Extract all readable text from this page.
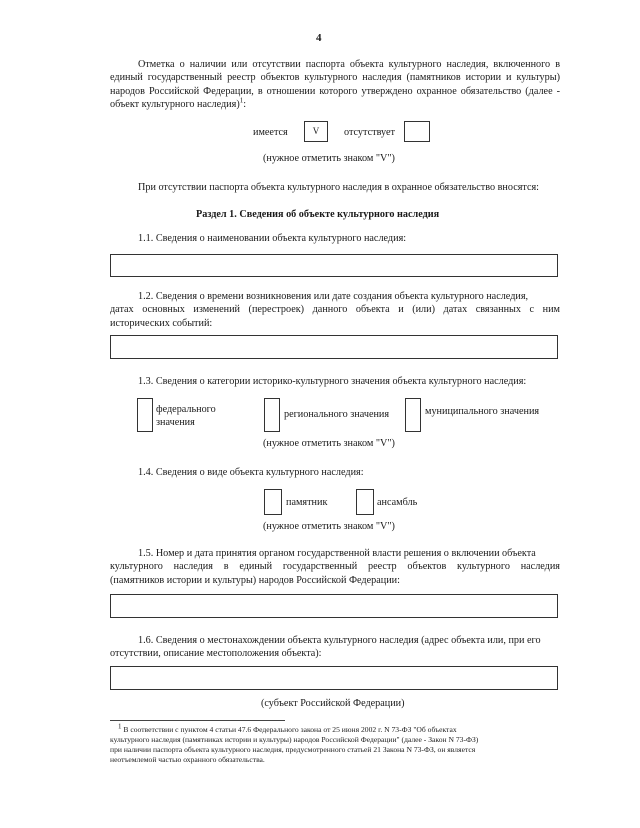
4
Отметка о наличии или отсутствии паспорта объекта культурного наследия, включенного в единый государственный реестр объектов культурного наследия (памятников истории и культуры) народов Российской Федерации, в отношении которого утверждено охранное обязательство (далее - объект культурного наследия)$^1$:
имеется	V	отсутствует
(нужное отметить знаком "V")
При отсутствии паспорта объекта культурного наследия в охранное обязательство вносятся:
Раздел 1. Сведения об объекте культурного наследия
1.1. Сведения о наименовании объекта культурного наследия:
1.2. Сведения о времени возникновения или дате создания объекта культурного наследия,
датах основных изменений (перестроек) данного объекта и (или) датах связанных с ним
исторических событий:
1.3. Сведения о категории историко-культурного значения объекта культурного наследия:
федерального
значения
регионального значения	муниципального значения
(нужное отметить знаком "V")
1.4. Сведения о виде объекта культурного наследия:
памятник	ансамбль
(нужное отметить знаком "V")
1.5. Номер и дата принятия органом государственной власти решения о включении объекта
культурного наследия в единый государственный реестр объектов культурного наследия
(памятников истории и культуры) народов Российской Федерации:
1.6. Сведения о местонахождении объекта культурного наследия (адрес объекта или, при его
отсутствии, описание местоположения объекта):
(субъект Российской Федерации)
$^1$ В соответствии с пунктом 4 статьи 47.6 Федерального закона от 25 июня 2002 г. N 73-ФЗ "Об объектах
культурного наследия (памятниках истории и культуры) народов Российской Федерации" (далее - Закон N 73-ФЗ)
при наличии паспорта объекта культурного наследия, предусмотренного статьей 21 Закона N 73-ФЗ, он является
неотъемлемой частью охранного обязательства.
